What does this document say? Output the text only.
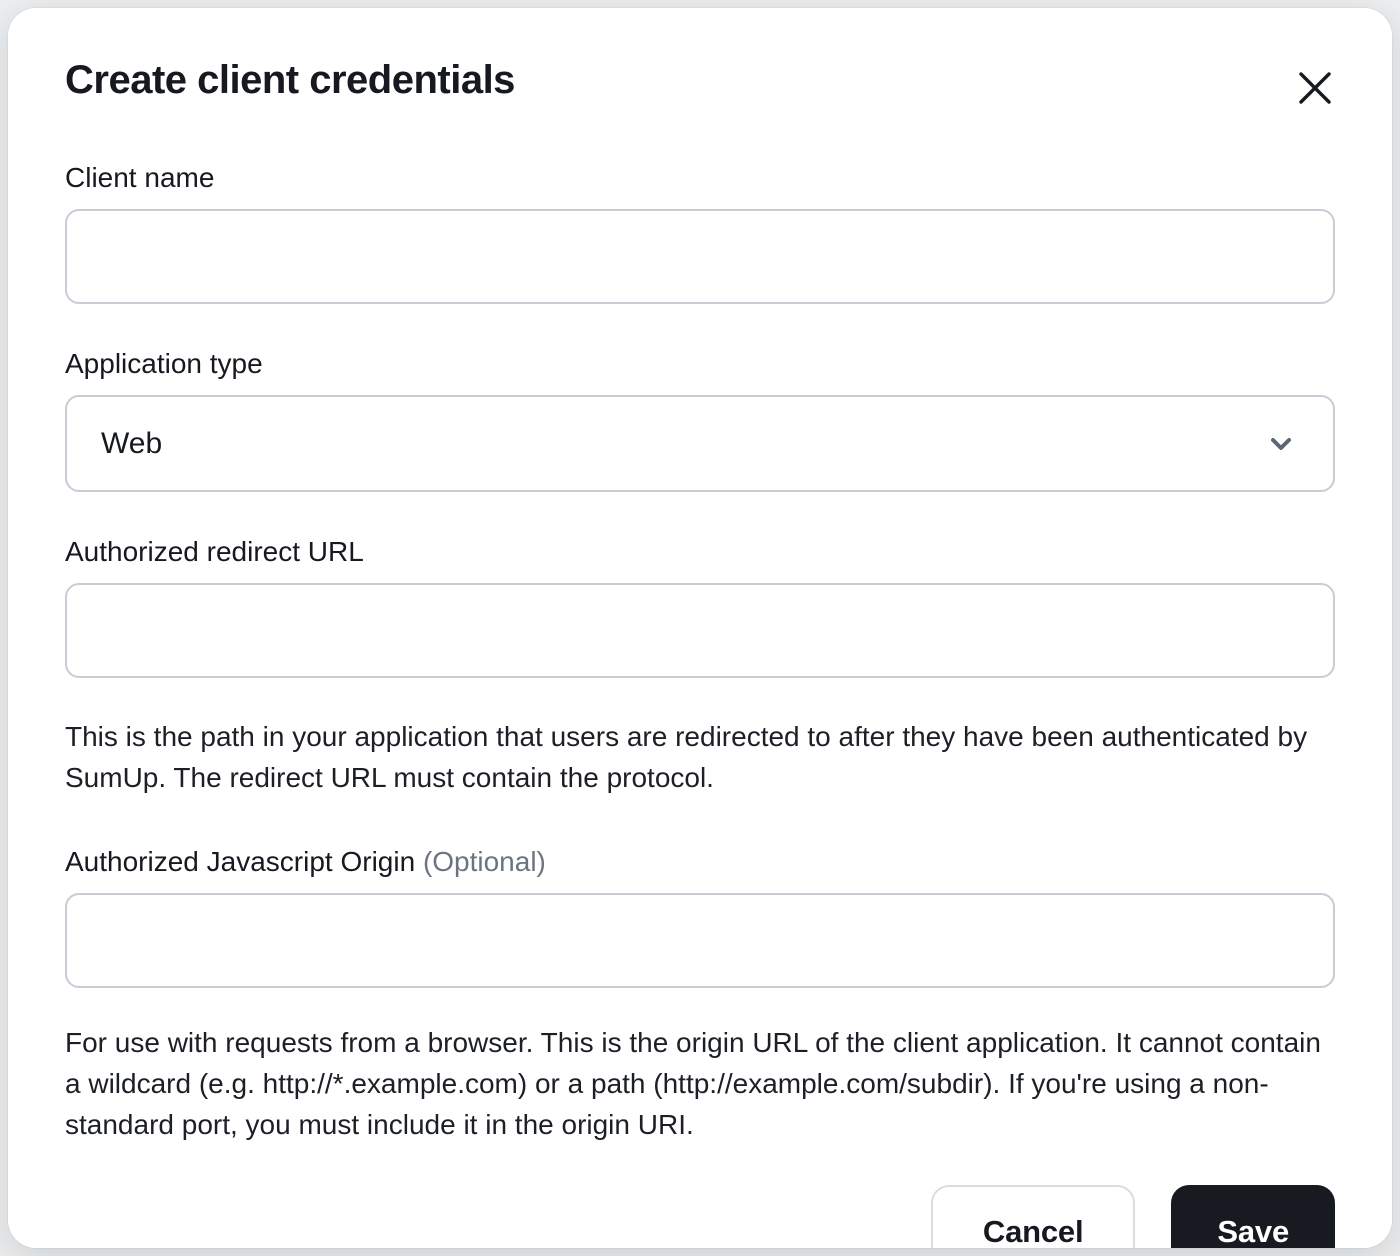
Create client credentials
Client name
Application type
Web
Authorized redirect URL

This is the path in your application that users are redirected to after they have been authenticated by SumUp. The redirect URL must contain the protocol.

Authorized Javascript Origin (Optional)

For use with requests from a browser. This is the origin URL of the client application. It cannot contain a wildcard (e.g. http://*.example.com) or a path (http://example.com/subdir). If you're using a non-standard port, you must include it in the origin URI.

Cancel	Save
